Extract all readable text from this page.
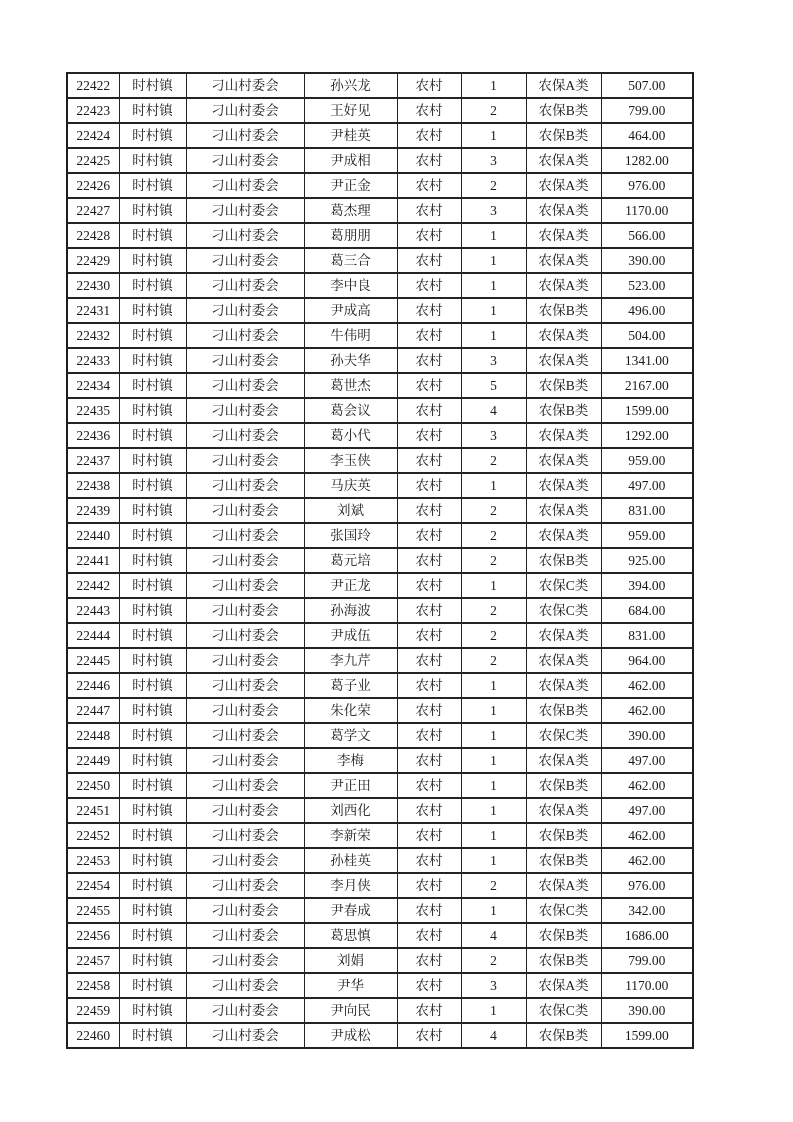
22422	时村镇	刁山村委会	孙兴龙	农村	1	农保A类	507.00
22423	时村镇	刁山村委会	王好见	农村	2	农保B类	799.00
22424	时村镇	刁山村委会	尹桂英	农村	1	农保B类	464.00
22425	时村镇	刁山村委会	尹成相	农村	3	农保A类	1282.00
22426	时村镇	刁山村委会	尹正金	农村	2	农保A类	976.00
22427	时村镇	刁山村委会	葛杰理	农村	3	农保A类	1170.00
22428	时村镇	刁山村委会	葛朋朋	农村	1	农保A类	566.00
22429	时村镇	刁山村委会	葛三合	农村	1	农保A类	390.00
22430	时村镇	刁山村委会	李中良	农村	1	农保A类	523.00
22431	时村镇	刁山村委会	尹成高	农村	1	农保B类	496.00
22432	时村镇	刁山村委会	牛伟明	农村	1	农保A类	504.00
22433	时村镇	刁山村委会	孙夫华	农村	3	农保A类	1341.00
22434	时村镇	刁山村委会	葛世杰	农村	5	农保B类	2167.00
22435	时村镇	刁山村委会	葛会议	农村	4	农保B类	1599.00
22436	时村镇	刁山村委会	葛小代	农村	3	农保A类	1292.00
22437	时村镇	刁山村委会	李玉侠	农村	2	农保A类	959.00
22438	时村镇	刁山村委会	马庆英	农村	1	农保A类	497.00
22439	时村镇	刁山村委会	刘斌	农村	2	农保A类	831.00
22440	时村镇	刁山村委会	张国玲	农村	2	农保A类	959.00
22441	时村镇	刁山村委会	葛元培	农村	2	农保B类	925.00
22442	时村镇	刁山村委会	尹正龙	农村	1	农保C类	394.00
22443	时村镇	刁山村委会	孙海波	农村	2	农保C类	684.00
22444	时村镇	刁山村委会	尹成伍	农村	2	农保A类	831.00
22445	时村镇	刁山村委会	李九芹	农村	2	农保A类	964.00
22446	时村镇	刁山村委会	葛子业	农村	1	农保A类	462.00
22447	时村镇	刁山村委会	朱化荣	农村	1	农保B类	462.00
22448	时村镇	刁山村委会	葛学文	农村	1	农保C类	390.00
22449	时村镇	刁山村委会	李梅	农村	1	农保A类	497.00
22450	时村镇	刁山村委会	尹正田	农村	1	农保B类	462.00
22451	时村镇	刁山村委会	刘西化	农村	1	农保A类	497.00
22452	时村镇	刁山村委会	李新荣	农村	1	农保B类	462.00
22453	时村镇	刁山村委会	孙桂英	农村	1	农保B类	462.00
22454	时村镇	刁山村委会	李月侠	农村	2	农保A类	976.00
22455	时村镇	刁山村委会	尹春成	农村	1	农保C类	342.00
22456	时村镇	刁山村委会	葛思慎	农村	4	农保B类	1686.00
22457	时村镇	刁山村委会	刘娟	农村	2	农保B类	799.00
22458	时村镇	刁山村委会	尹华	农村	3	农保A类	1170.00
22459	时村镇	刁山村委会	尹向民	农村	1	农保C类	390.00
22460	时村镇	刁山村委会	尹成松	农村	4	农保B类	1599.00
